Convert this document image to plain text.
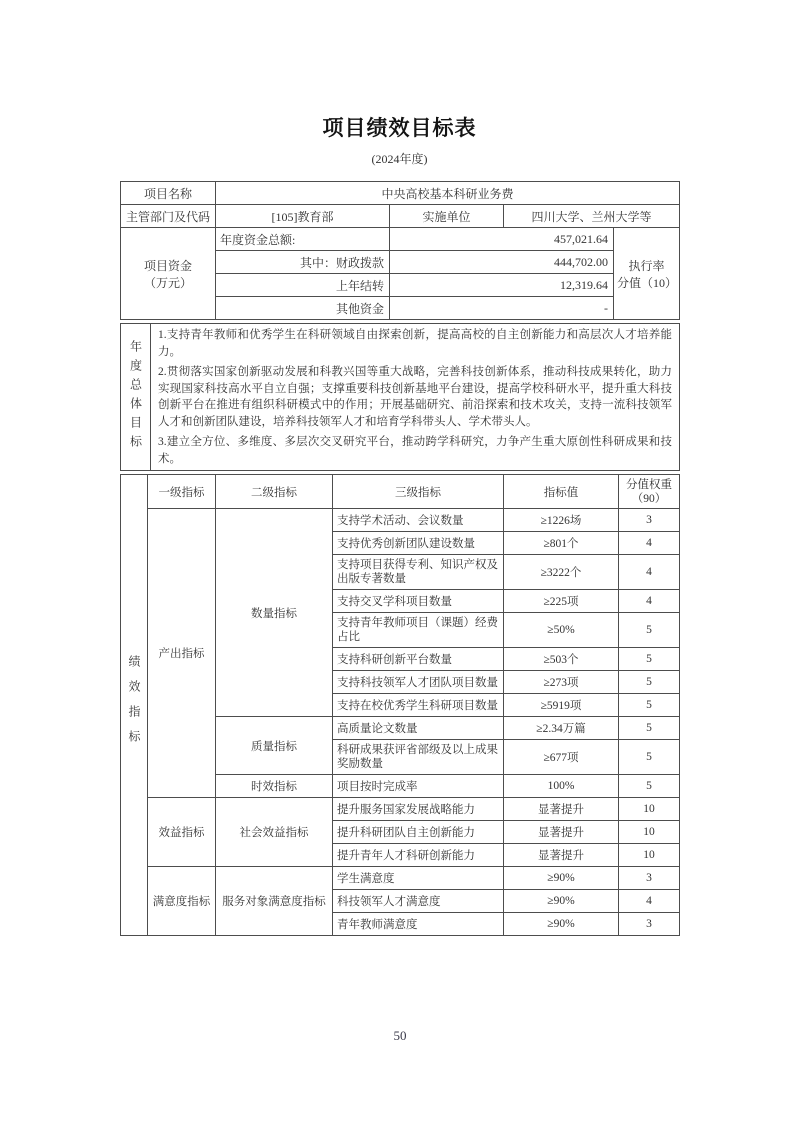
项目绩效目标表
(2024年度)
项目名称	中央高校基本科研业务费			
主管部门及代码	[105]教育部	实施单位	四川大学、兰州大学等	

项目资金
（万元）
	年度资金总额:	457,021.64	
执行率
分值（10）

	其中：财政拨款	444,702.00		
	上年结转	12,319.64		
	其他资金	-		
年度总体目标

1.支持青年教师和优秀学生在科研领域自由探索创新，提高高校的自主创新能力和高层次人才培养能力。
2.贯彻落实国家创新驱动发展和科教兴国等重大战略，完善科技创新体系，推动科技成果转化，助力实现国家科技高水平自立自强；支撑重要科技创新基地平台建设，提高学校科研水平，提升重大科技创新平台在推进有组织科研模式中的作用；开展基础研究、前沿探索和技术攻关，支持一流科技领军人才和创新团队建设，培养科技领军人才和培育学科带头人、学术带头人。
3.建立全方位、多维度、多层次交叉研究平台，推动跨学科研究，力争产生重大原创性科研成果和技术。
绩效指标	一级指标	二级指标	三级指标	指标值	分值权重
（90）

	产出指标	数量指标	支持学术活动、会议数量	≥1226场	3
			支持优秀创新团队建设数量	≥801个	4
			支持项目获得专利、知识产权及出版专著数量	≥3222个	4
			支持交叉学科项目数量	≥225项	4
			支持青年教师项目（课题）经费占比	≥50%	5
			支持科研创新平台数量	≥503个	5
			支持科技领军人才团队项目数量	≥273项	5
			支持在校优秀学生科研项目数量	≥5919项	5
		质量指标	高质量论文数量	≥2.34万篇	5
			科研成果获评省部级及以上成果奖励数量	≥677项	5
		时效指标	项目按时完成率	100%	5
	效益指标	社会效益指标	提升服务国家发展战略能力	显著提升	10
			提升科研团队自主创新能力	显著提升	10
			提升青年人才科研创新能力	显著提升	10
	满意度指标	服务对象满意度指标	学生满意度	≥90%	3
			科技领军人才满意度	≥90%	4
			青年教师满意度	≥90%	3
50
